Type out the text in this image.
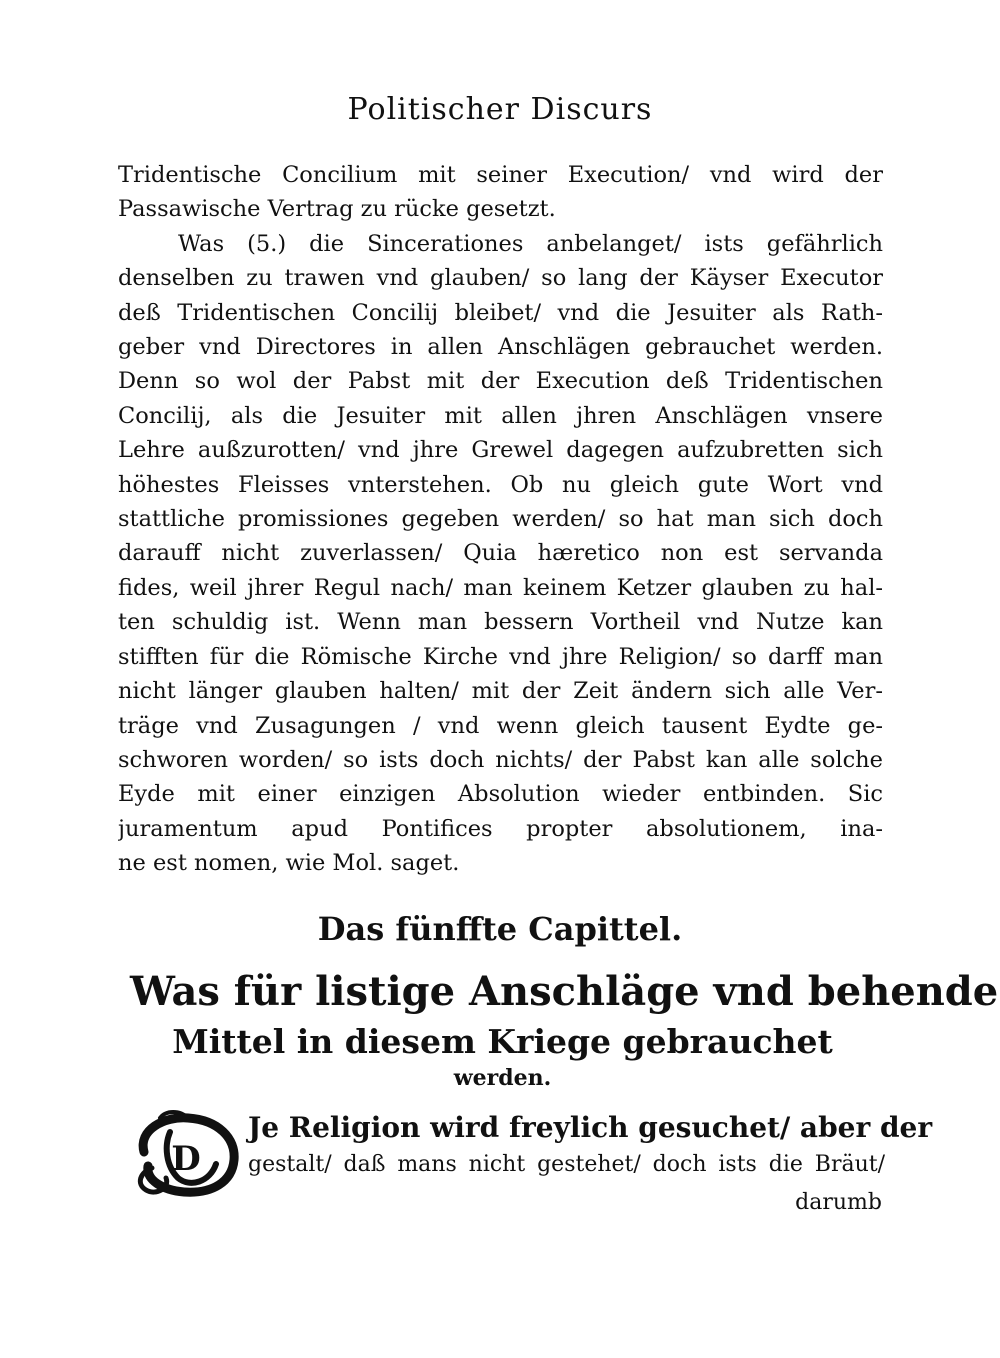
Politischer Discurs
Tridentische Concilium mit seiner Execution/ vnd wird der
Passawische Vertrag zu rücke gesetzt.
Was (5.) die Sincerationes anbelanget/ ists gefährlich
denselben zu trawen vnd glauben/ so lang der Käyser Executor
deß Tridentischen Concilij bleibet/ vnd die Jesuiter als Rath-
geber vnd Directores in allen Anschlägen gebrauchet werden.
Denn so wol der Pabst mit der Execution deß Tridentischen
Concilij, als die Jesuiter mit allen jhren Anschlägen vnsere
Lehre außzurotten/ vnd jhre Grewel dagegen aufzubretten sich
höhestes Fleisses vnterstehen. Ob nu gleich gute Wort vnd
stattliche promissiones gegeben werden/ so hat man sich doch
darauff nicht zuverlassen/ Quia hæretico non est servanda
fides, weil jhrer Regul nach/ man keinem Ketzer glauben zu hal-
ten schuldig ist. Wenn man bessern Vortheil vnd Nutze kan
stifften für die Römische Kirche vnd jhre Religion/ so darff man
nicht länger glauben halten/ mit der Zeit ändern sich alle Ver-
träge vnd Zusagungen / vnd wenn gleich tausent Eydte ge-
schworen worden/ so ists doch nichts/ der Pabst kan alle solche
Eyde mit einer einzigen Absolution wieder entbinden. Sic
juramentum apud Pontifices propter absolutionem, ina-
ne est nomen, wie Mol. saget.
Das fünffte Capittel.
Was für listige Anschläge vnd behende
Mittel in diesem Kriege gebrauchet
werden.
D
Je Religion wird freylich gesuchet/ aber der
gestalt/ daß mans nicht gestehet/ doch ists die Bräut/
darumb
